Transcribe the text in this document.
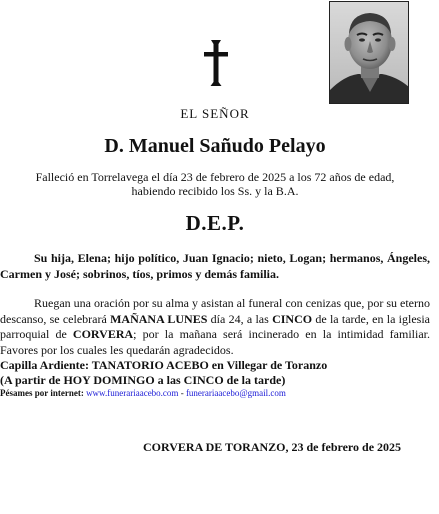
EL SEÑOR
D. Manuel Sañudo Pelayo
Falleció en Torrelavega el día 23 de febrero de 2025 a los 72 años de edad,
habiendo recibido los Ss. y la B.A.
D.E.P.
Su hija, Elena; hijo político, Juan Ignacio; nieto, Logan; hermanos, Ángeles, Carmen y José; sobrinos, tíos, primos y demás familia.
Ruegan una oración por su alma y asistan al funeral con cenizas que, por su eterno descanso, se celebrará MAÑANA LUNES día 24, a las CINCO de la tarde, en la iglesia parroquial de CORVERA; por la mañana será incinerado en la intimidad familiar. Favores por los cuales les quedarán agradecidos.
Capilla Ardiente: TANATORIO ACEBO en Villegar de Toranzo
(A partir de HOY DOMINGO a las CINCO de la tarde)
Pésames por internet: www.funerariaacebo.com - funerariaacebo@gmail.com
CORVERA DE TORANZO, 23 de febrero de 2025
